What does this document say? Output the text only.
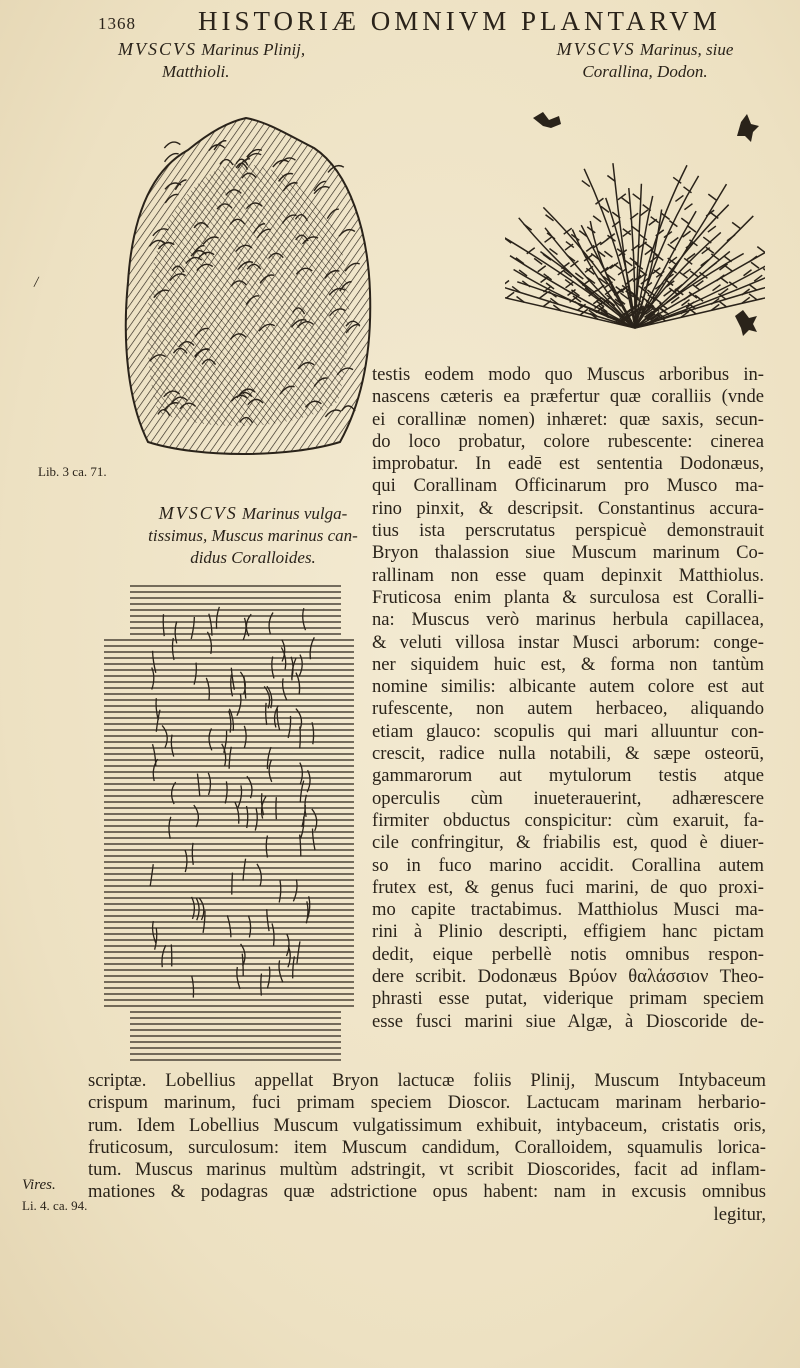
1368 HISTORIÆ OMNIVM PLANTARVM
MVSCVS Marinus Plinij,
Matthioli.
MVSCVS Marinus, siue
Corallina, Dodon.
MVSCVS Marinus vulga-
tissimus, Muscus marinus can-
didus Coralloides.
Lib. 3 ca. 71.
Vires.
Li. 4. ca. 94.
/
testis eodem modo quo Muscus arboribus in-
nascens cæteris ea præfertur quæ coralliis (vnde
ei corallinæ nomen) inhæret: quæ saxis, secun-
do loco probatur, colore rubescente: cinerea
improbatur. In eadē est sententia Dodonæus,
qui Corallinam Officinarum pro Musco ma-
rino pinxit, & descripsit. Constantinus accura-
tius ista perscrutatus perspicuè demonstrauit
Bryon thalassion siue Muscum marinum Co-
rallinam non esse quam depinxit Matthiolus.
Fruticosa enim planta & surculosa est Coralli-
na: Muscus verò marinus herbula capillacea,
& veluti villosa instar Musci arborum: conge-
ner siquidem huic est, & forma non tantùm
nomine similis: albicante autem colore est aut
rufescente, non autem herbaceo, aliquando
etiam glauco: scopulis qui mari alluuntur con-
crescit, radice nulla notabili, & sæpe osteorū,
gammarorum aut mytulorum testis atque
operculis cùm inueterauerint, adhærescere
firmiter obductus conspicitur: cùm exaruit, fa-
cile confringitur, & friabilis est, quod è diuer-
so in fuco marino accidit. Corallina autem
frutex est, & genus fuci marini, de quo proxi-
mo capite tractabimus. Matthiolus Musci ma-
rini à Plinio descripti, effigiem hanc pictam
dedit, eique perbellè notis omnibus respon-
dere scribit. Dodonæus Βρύον θαλάσσιον Theo-
phrasti esse putat, viderique primam speciem
esse fusci marini siue Algæ, à Dioscoride de-
scriptæ. Lobellius appellat Bryon lactucæ foliis Plinij, Muscum Intybaceum
crispum marinum, fuci primam speciem Dioscor. Lactucam marinam herbario-
rum. Idem Lobellius Muscum vulgatissimum exhibuit, intybaceum, cristatis oris,
fruticosum, surculosum: item Muscum candidum, Coralloidem, squamulis lorica-
tum. Muscus marinus multùm adstringit, vt scribit Dioscorides, facit ad inflam-
mationes & podagras quæ adstrictione opus habent: nam in excusis omnibus
legitur,
